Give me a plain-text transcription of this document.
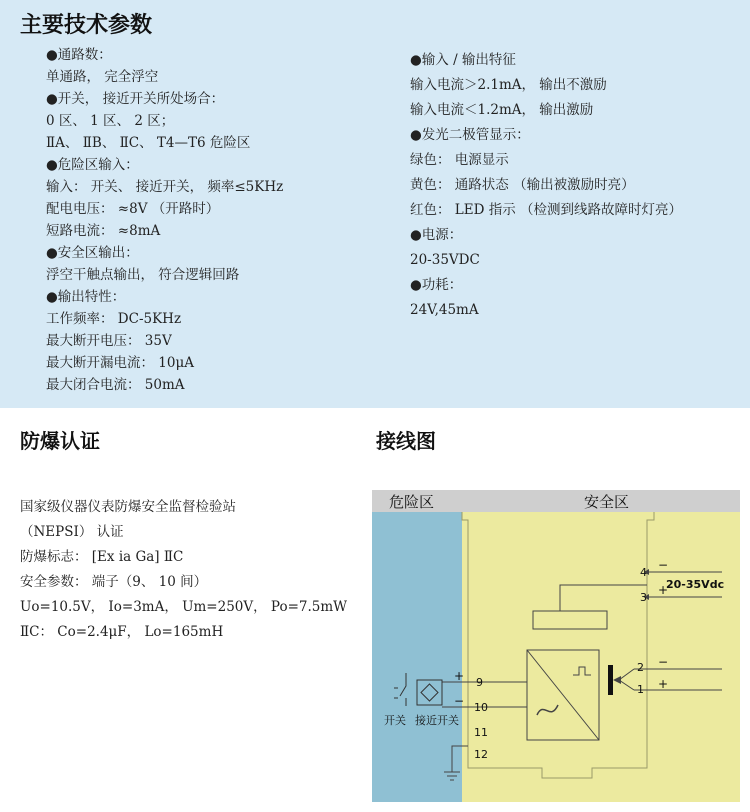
主要技术参数
●通路数：
单通路， 完全浮空
●开关， 接近开关所处场合：
0 区、 1 区、 2 区；
ⅡA、 ⅡB、 ⅡC、 T4—T6 危险区
●危险区输入：
输入： 开关、 接近开关， 频率≤5KHz
配电电压： ≈8V （开路时）
短路电流： ≈8mA
●安全区输出：
浮空干触点输出， 符合逻辑回路
●输出特性：
工作频率： DC-5KHz
最大断开电压： 35V
最大断开漏电流： 10μA
最大闭合电流： 50mA
●输入 / 输出特征
输入电流＞2.1mA， 输出不激励
输入电流＜1.2mA， 输出激励
●发光二极管显示：
绿色： 电源显示
黄色： 通路状态 （输出被激励时亮）
红色： LED 指示 （检测到线路故障时灯亮）
●电源：
20-35VDC
●功耗：
24V,45mA
防爆认证	接线图
国家级仪器仪表防爆安全监督检验站
（NEPSI） 认证
防爆标志： [Ex ia Ga] ⅡC
安全参数： 端子（9、 10 间）
Uo=10.5V， Io=3mA， Um=250V， Po=7.5mW
ⅡC： Co=2.4μF， Lo=165mH
危险区	安全区
4
3
2
1
−
+
20-35Vdc
−
+
9
10
11
12
+
−
开关 接近开关
